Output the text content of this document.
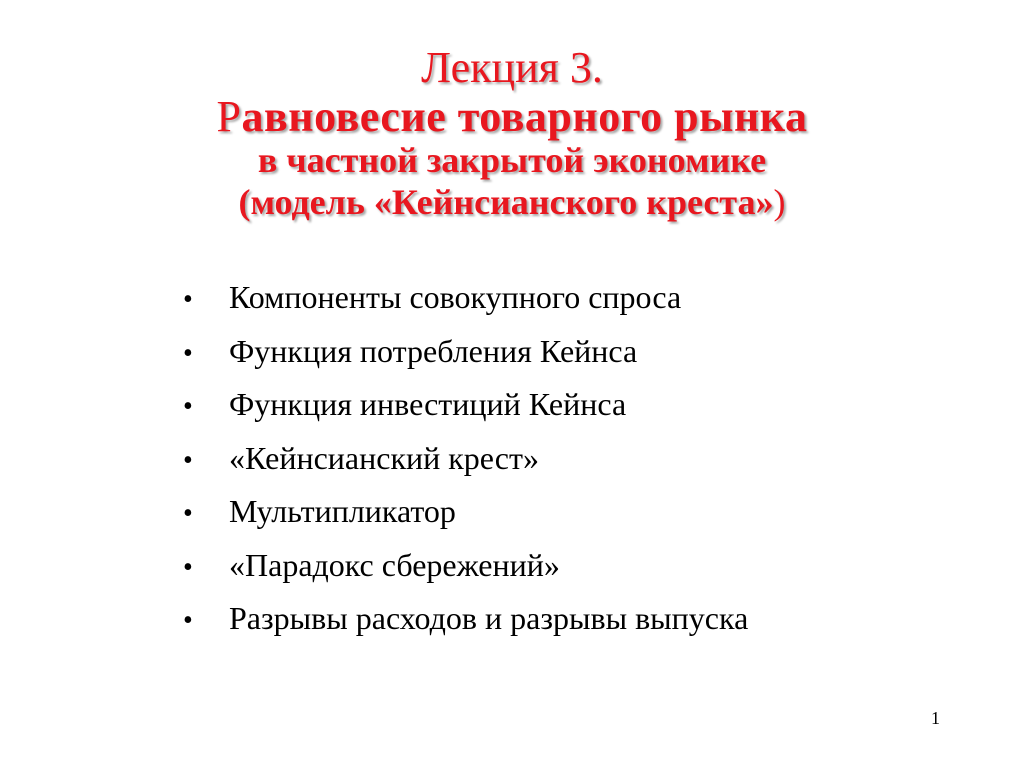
Лекция 3.
Равновесие товарного рынка
в частной закрытой экономике
(модель «Кейнсианского креста»)
•	Компоненты совокупного спроса
•	Функция потребления Кейнса
•	Функция инвестиций Кейнса
•	«Кейнсианский крест»
•	Мультипликатор
•	«Парадокс сбережений»
•	Разрывы расходов и разрывы выпуска
1
